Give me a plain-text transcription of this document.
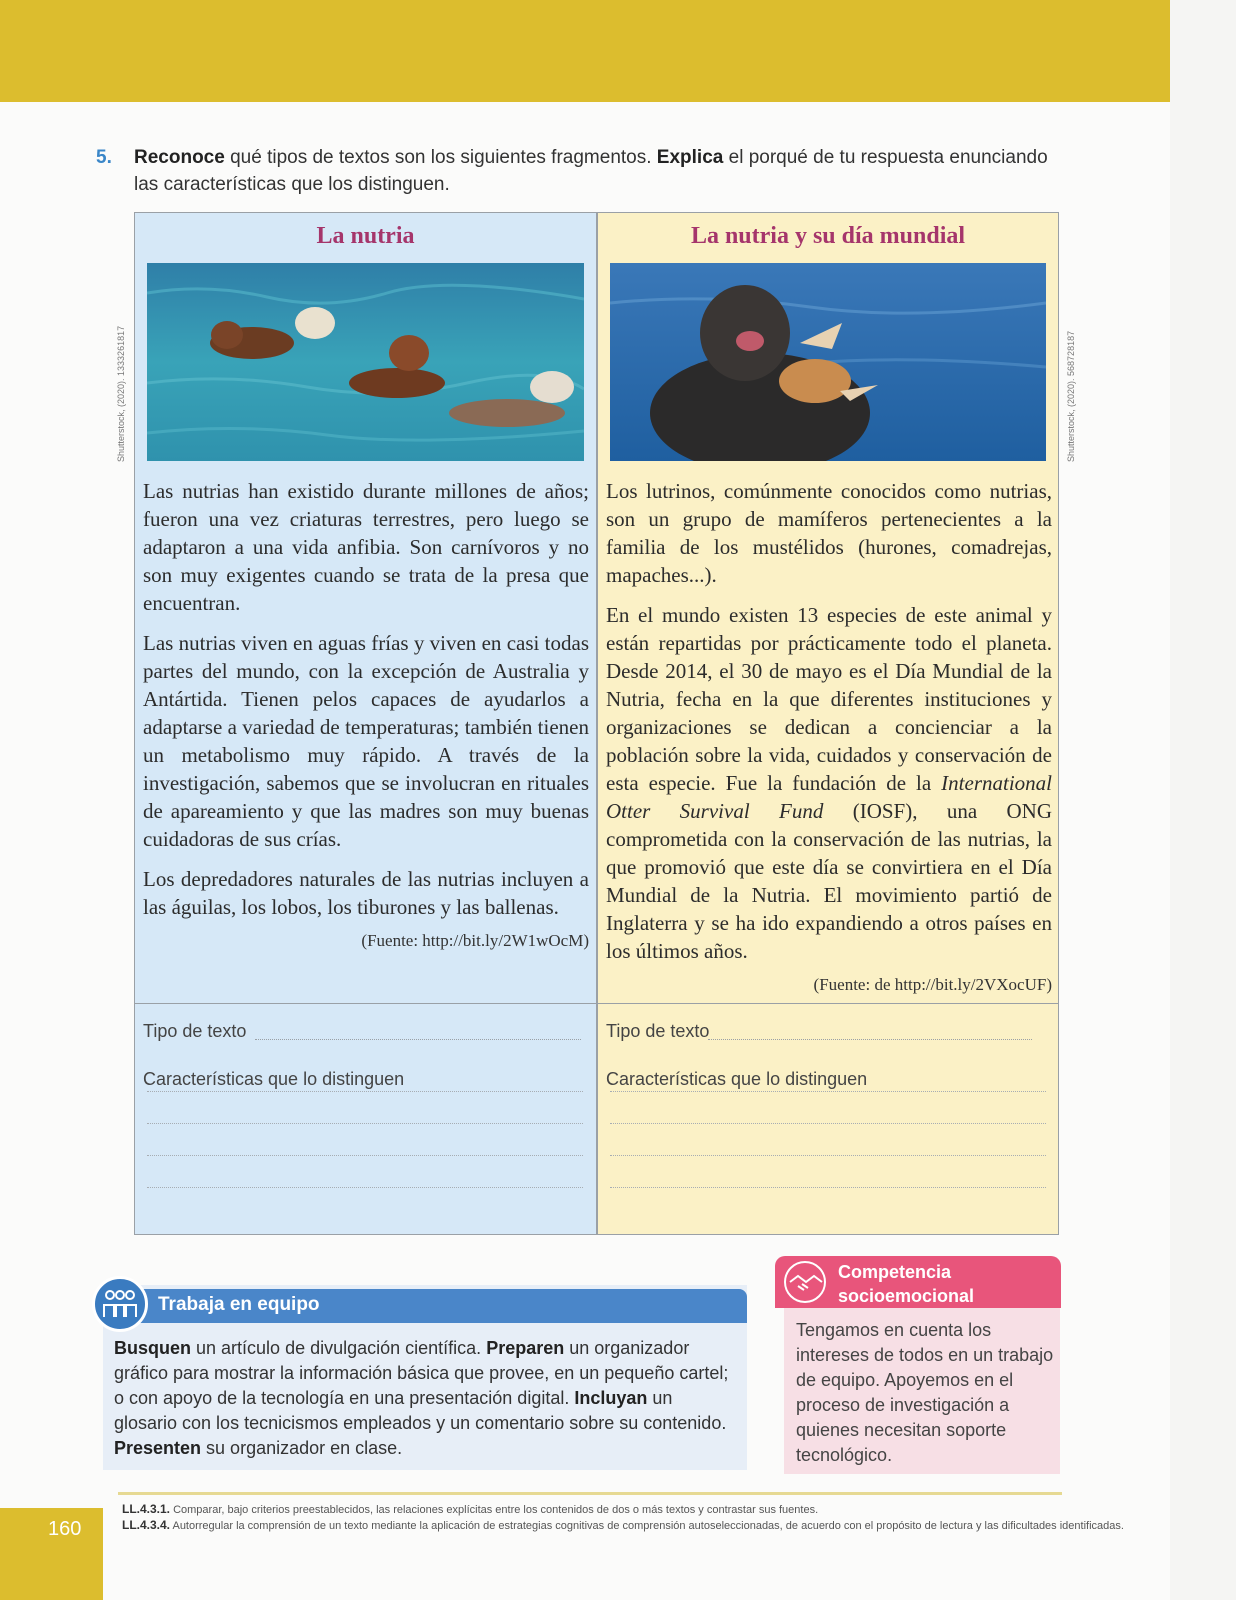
5. Reconoce qué tipos de textos son los siguientes fragmentos. Explica el porqué de tu respuesta enunciando las características que los distinguen.
Shutterstock, (2020). 1333261817	Shutterstock, (2020). 568728187
La nutria

Las nutrias han existido durante millones de años; fueron una vez criaturas terrestres, pero luego se adaptaron a una vida anfibia. Son carnívoros y no son muy exigentes cuando se trata de la presa que encuentran.

Las nutrias viven en aguas frías y viven en casi todas partes del mundo, con la excepción de Australia y Antártida. Tienen pelos capaces de ayudarlos a adaptarse a variedad de temperaturas; también tienen un metabolismo muy rápido. A través de la investigación, sabemos que se involucran en rituales de apareamiento y que las madres son muy buenas cuidadoras de sus crías.

Los depredadores naturales de las nutrias incluyen a las águilas, los lobos, los tiburones y las ballenas.

(Fuente: http://bit.ly/2W1wOcM)
Tipo de texto
Características que lo distinguen
La nutria y su día mundial

Los lutrinos, comúnmente conocidos como nutrias, son un grupo de mamíferos pertenecientes a la familia de los mustélidos (hurones, comadrejas, mapaches...).

En el mundo existen 13 especies de este animal y están repartidas por prácticamente todo el planeta. Desde 2014, el 30 de mayo es el Día Mundial de la Nutria, fecha en la que diferentes instituciones y organizaciones se dedican a concienciar a la población sobre la vida, cuidados y conservación de esta especie. Fue la fundación de la International Otter Survival Fund (IOSF), una ONG comprometida con la conservación de las nutrias, la que promovió que este día se convirtiera en el Día Mundial de la Nutria. El movimiento partió de Inglaterra y se ha ido expandiendo a otros países en los últimos años.

(Fuente: de http://bit.ly/2VXocUF)
Tipo de texto
Características que lo distinguen
Trabaja en equipo
Busquen un artículo de divulgación científica. Preparen un organizador gráfico para mostrar la información básica que provee, en un pequeño cartel; o con apoyo de la tecnología en una presentación digital. Incluyan un glosario con los tecnicismos empleados y un comentario sobre su contenido. Presenten su organizador en clase.
Competencia
socioemocional
Tengamos en cuenta los intereses de todos en un trabajo de equipo. Apoyemos en el proceso de investigación a quienes necesitan soporte tecnológico.
LL.4.3.1. Comparar, bajo criterios preestablecidos, las relaciones explícitas entre los contenidos de dos o más textos y contrastar sus fuentes.
LL.4.3.4. Autorregular la comprensión de un texto mediante la aplicación de estrategias cognitivas de comprensión autoseleccionadas, de acuerdo con el propósito de lectura y las dificultades identificadas.
160
